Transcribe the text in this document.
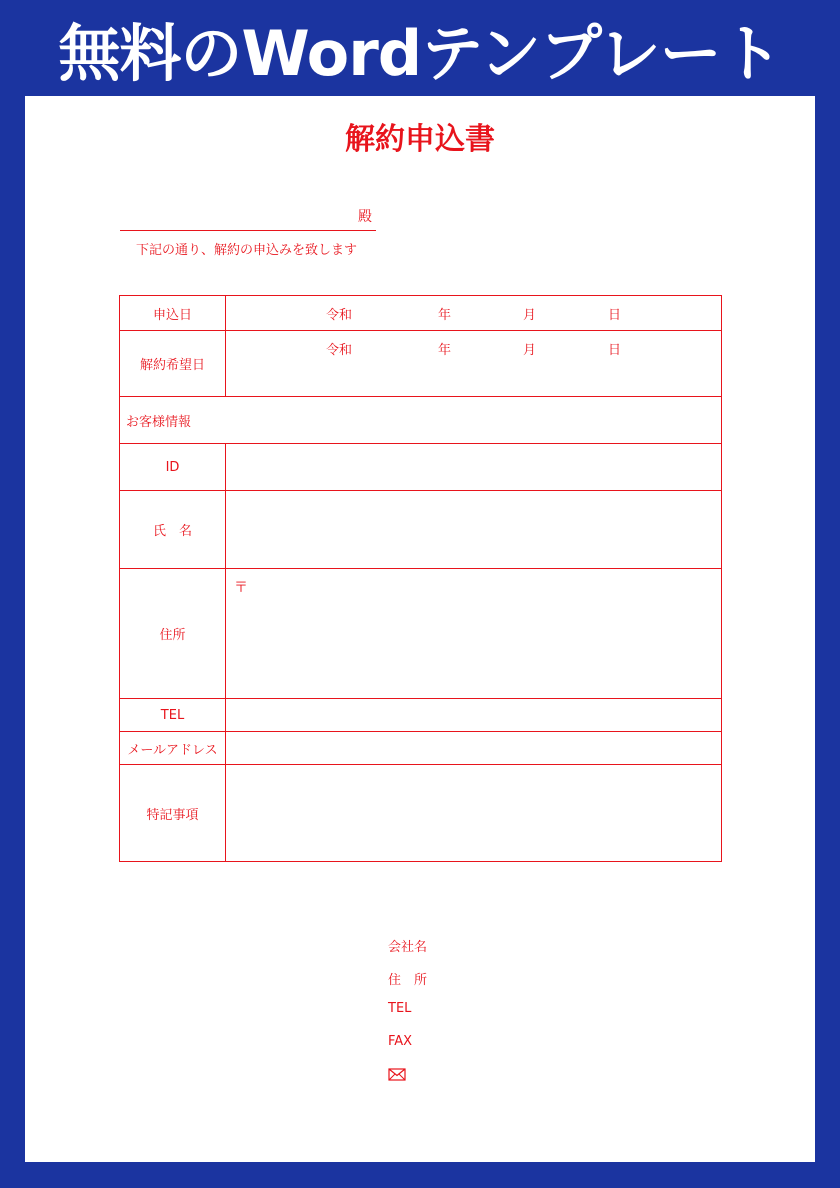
無料のWordテンプレート
解約申込書
殿
下記の通り、解約の申込みを致します
申込日	令和 年 月 日

解約希望日	令和 年 月 日

お客様情報	
ID	
氏　名	
住所	〒

TEL	
メールアドレス	
特記事項	
会社名
住　所
TEL
FAX
